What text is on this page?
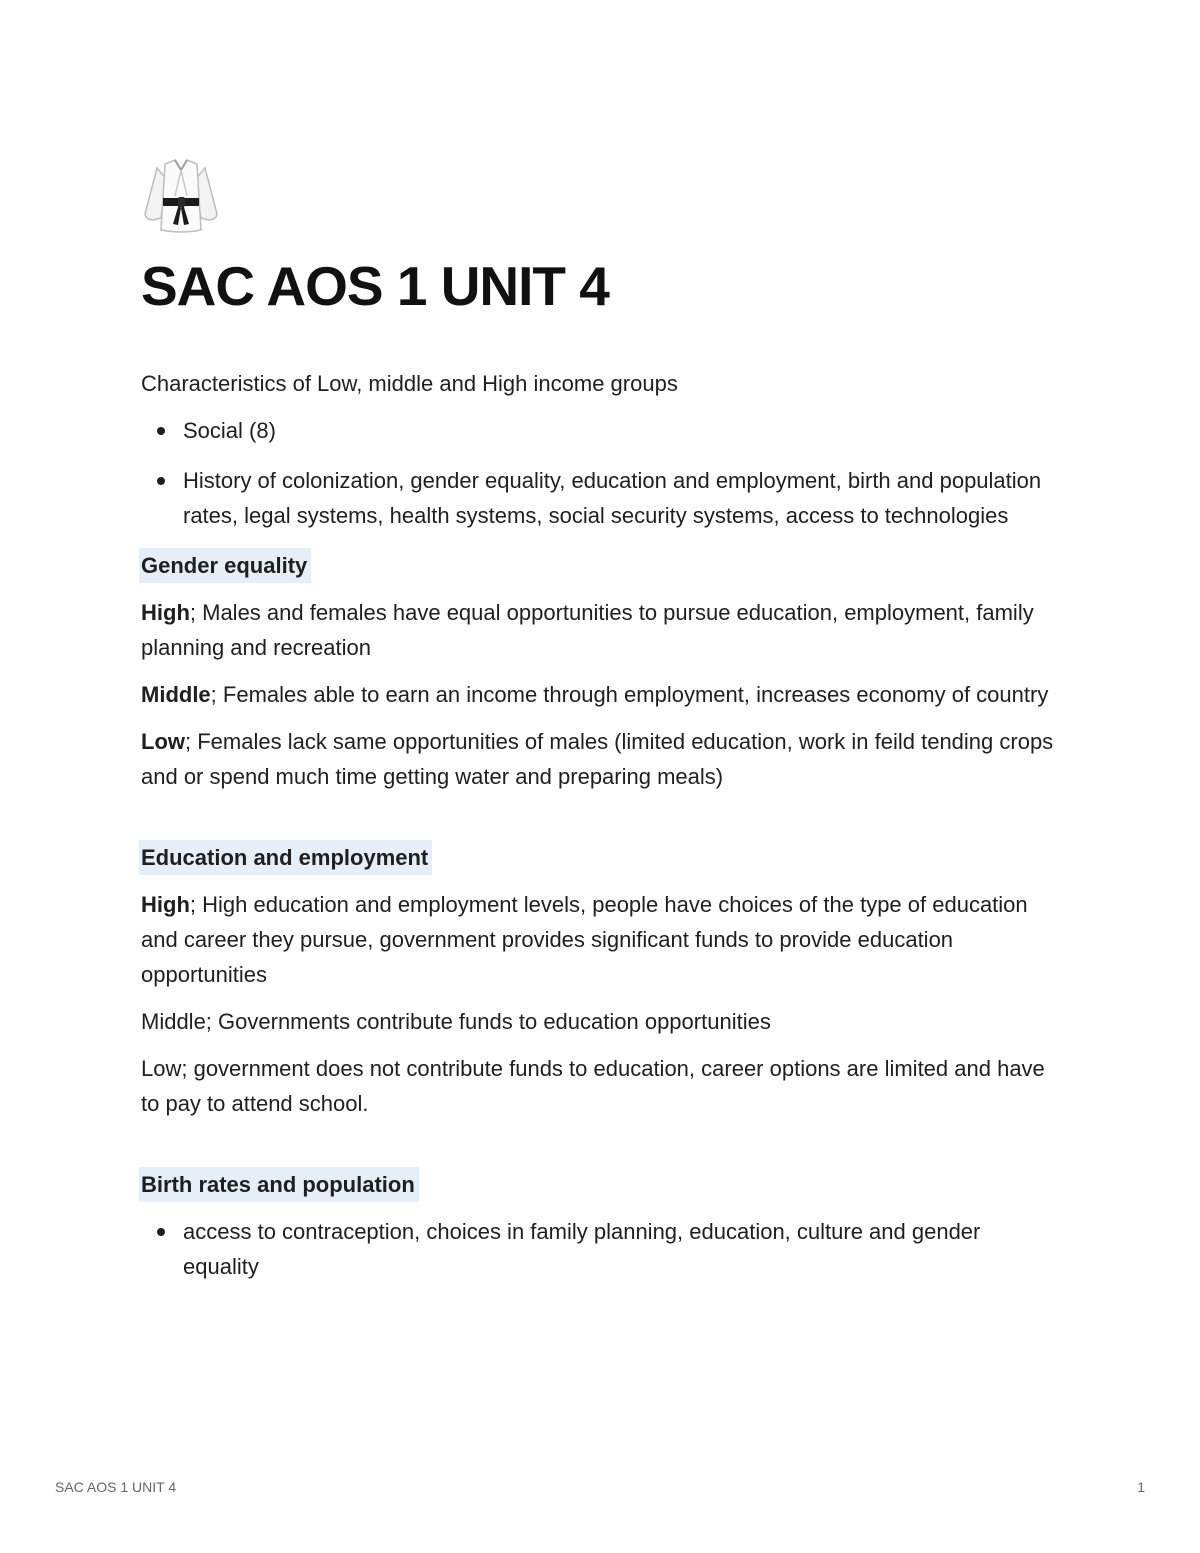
SAC AOS 1 UNIT 4

Characteristics of Low, middle and High income groups

Social (8)
History of colonization, gender equality, education and employment, birth and population rates, legal systems, health systems, social security systems, access to technologies

Gender equality

High; Males and females have equal opportunities to pursue education, employment, family planning and recreation

Middle; Females able to earn an income through employment, increases economy of country

Low; Females lack same opportunities of males (limited education, work in feild tending crops and or spend much time getting water and preparing meals)

Education and employment

High; High education and employment levels, people have choices of the type of education and career they pursue, government provides significant funds to provide education opportunities

Middle; Governments contribute funds to education opportunities

Low; government does not contribute funds to education, career options are limited and have to pay to attend school.

Birth rates and population

access to contraception, choices in family planning, education, culture and gender equality
SAC AOS 1 UNIT 4	1
